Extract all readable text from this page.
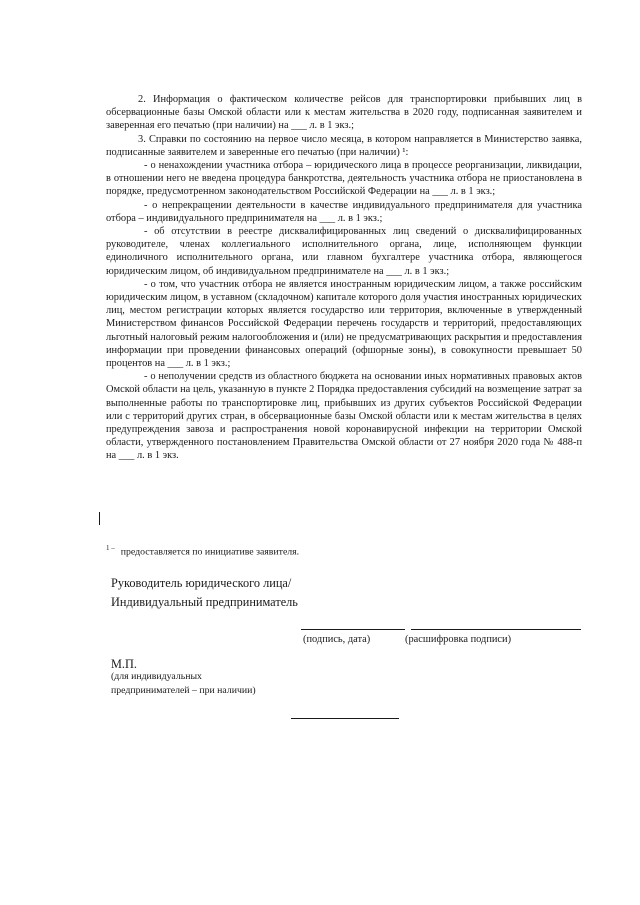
2. Информация о фактическом количестве рейсов для транспортировки прибывших лиц в обсервационные базы Омской области или к местам жительства в 2020 году, подписанная заявителем и заверенная его печатью (при наличии) на ___ л. в 1 экз.;

3. Справки по состоянию на первое число месяца, в котором направляется в Министерство заявка, подписанные заявителем и заверенные его печатью (при наличии) ¹:

- о ненахождении участника отбора – юридического лица в процессе реорганизации, ликвидации, в отношении него не введена процедура банкротства, деятельность участника отбора не приостановлена в порядке, предусмотренном законодательством Российской Федерации на ___ л. в 1 экз.;

- о непрекращении деятельности в качестве индивидуального предпринимателя для участника отбора – индивидуального предпринимателя на ___ л. в 1 экз.;

- об отсутствии в реестре дисквалифицированных лиц сведений о дисквалифицированных руководителе, членах коллегиального исполнительного органа, лице, исполняющем функции единоличного исполнительного органа, или главном бухгалтере участника отбора, являющегося юридическим лицом, об индивидуальном предпринимателе на ___ л. в 1 экз.;

- о том, что участник отбора не является иностранным юридическим лицом, а также российским юридическим лицом, в уставном (складочном) капитале которого доля участия иностранных юридических лиц, местом регистрации которых является государство или территория, включенные в утвержденный Министерством финансов Российской Федерации перечень государств и территорий, предоставляющих льготный налоговый режим налогообложения и (или) не предусматривающих раскрытия и предоставления информации при проведении финансовых операций (офшорные зоны), в совокупности превышает 50 процентов на ___ л. в 1 экз.;

- о неполучении средств из областного бюджета на основании иных нормативных правовых актов Омской области на цель, указанную в пункте 2 Порядка предоставления субсидий на возмещение затрат за выполненные работы по транспортировке лиц, прибывших из других субъектов Российской Федерации или с территорий других стран, в обсервационные базы Омской области или к местам жительства в целях предупреждения завоза и распространения новой коронавирусной инфекции на территории Омской области, утвержденного постановлением Правительства Омской области от 27 ноября 2020 года № 488-п на ___ л. в 1 экз.

$^{1 -}$ предоставляется по инициативе заявителя.
Руководитель юридического лица/
Индивидуальный предприниматель
(подпись, дата)	(расшифровка подписи)
М.П.
(для индивидуальных
предпринимателей – при наличии)
